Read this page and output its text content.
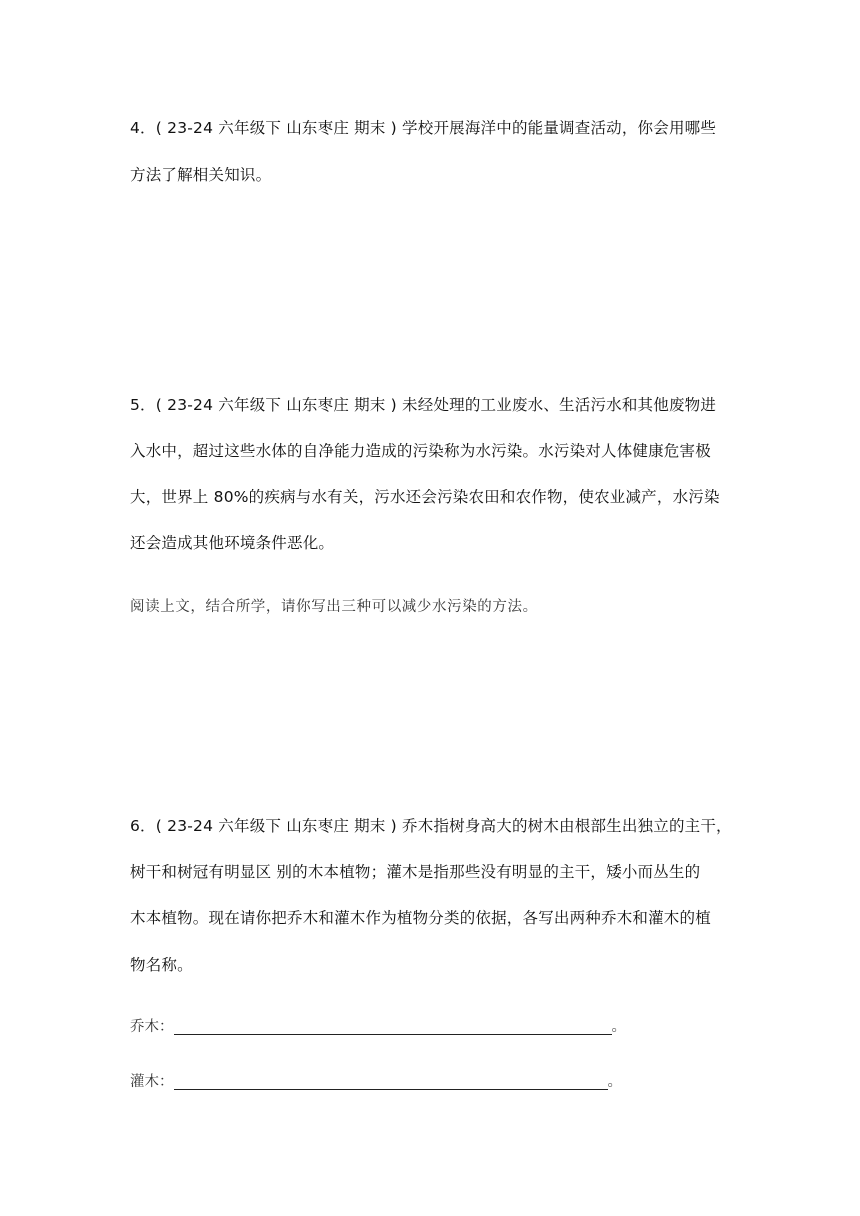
4．( 23-24 六年级下 山东枣庄 期末 ) 学校开展海洋中的能量调查活动，你会用哪些
方法了解相关知识。
5．( 23-24 六年级下 山东枣庄 期末 ) 未经处理的工业废水、生活污水和其他废物进
入水中，超过这些水体的自净能力造成的污染称为水污染。水污染对人体健康危害极
大，世界上 80%的疾病与水有关，污水还会污染农田和农作物，使农业减产，水污染
还会造成其他环境条件恶化。
阅读上文，结合所学，请你写出三种可以减少水污染的方法。
6．( 23-24 六年级下 山东枣庄 期末 ) 乔木指树身高大的树木由根部生出独立的主干，
树干和树冠有明显区 别的木本植物；灌木是指那些没有明显的主干，矮小而丛生的
木本植物。现在请你把乔木和灌木作为植物分类的依据，各写出两种乔木和灌木的植
物名称。
乔木：	。
灌木：	。
